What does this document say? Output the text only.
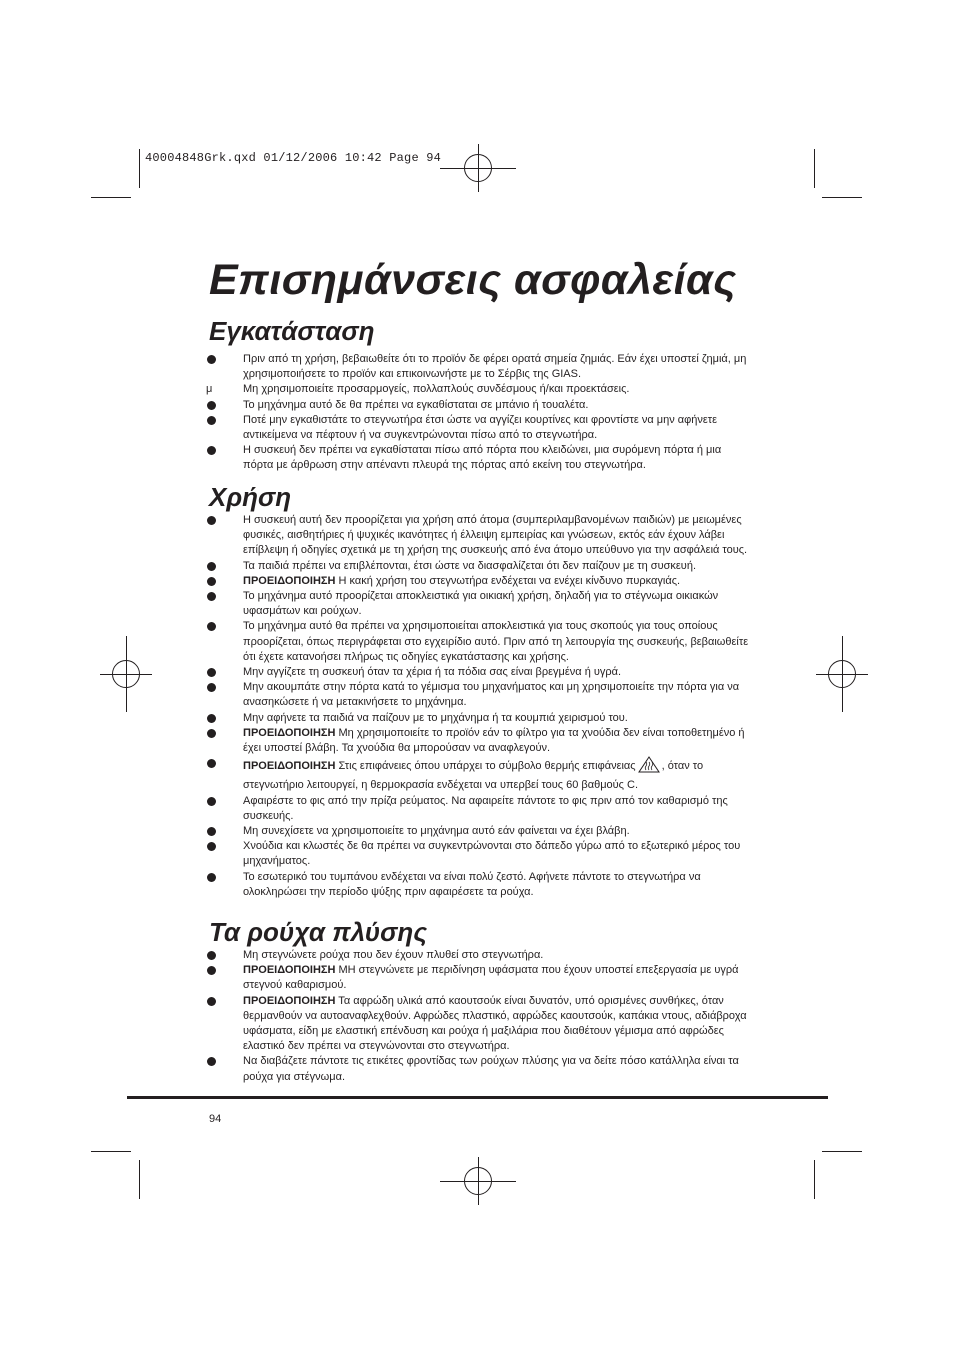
40004848Grk.qxd 01/12/2006 10:42 Page 94
Επισημάνσεις ασφαλείας
Εγκατάσταση
Πριν από τη χρήση, βεβαιωθείτε ότι το προϊόν δε φέρει ορατά σημεία ζημιάς. Εάν έχει υποστεί ζημιά, μη χρησιμοποιήσετε το προϊόν και επικοινωνήστε με το Σέρβις της GIAS.
μ	Μη χρησιμοποιείτε προσαρμογείς, πολλαπλούς συνδέσμους ή/και προεκτάσεις.
Το μηχάνημα αυτό δε θα πρέπει να εγκαθίσταται σε μπάνιο ή τουαλέτα.
Ποτέ μην εγκαθιστάτε το στεγνωτήρα έτσι ώστε να αγγίζει κουρτίνες και φροντίστε να μην αφήνετε αντικείμενα να πέφτουν ή να συγκεντρώνονται πίσω από το στεγνωτήρα.
Η συσκευή δεν πρέπει να εγκαθίσταται πίσω από πόρτα που κλειδώνει, μια συρόμενη πόρτα ή μια πόρτα με άρθρωση στην απέναντι πλευρά της πόρτας από εκείνη του στεγνωτήρα.
Χρήση
Η συσκευή αυτή δεν προορίζεται για χρήση από άτομα (συμπεριλαμβανομένων παιδιών) με μειωμένες φυσικές, αισθητήριες ή ψυχικές ικανότητες ή έλλειψη εμπειρίας και γνώσεων, εκτός εάν έχουν λάβει επίβλεψη ή οδηγίες σχετικά με τη χρήση της συσκευής από ένα άτομο υπεύθυνο για την ασφάλειά τους.
Τα παιδιά πρέπει να επιβλέπονται, έτσι ώστε να διασφαλίζεται ότι δεν παίζουν με τη συσκευή.
ΠΡΟΕΙΔΟΠΟΙΗΣΗ Η κακή χρήση του στεγνωτήρα ενδέχεται να ενέχει κίνδυνο πυρκαγιάς.
Το μηχάνημα αυτό προορίζεται αποκλειστικά για οικιακή χρήση, δηλαδή για το στέγνωμα οικιακών υφασμάτων και ρούχων.
Το μηχάνημα αυτό θα πρέπει να χρησιμοποιείται αποκλειστικά για τους σκοπούς για τους οποίους προορίζεται, όπως περιγράφεται στο εγχειρίδιο αυτό. Πριν από τη λειτουργία της συσκευής, βεβαιωθείτε ότι έχετε κατανοήσει πλήρως τις οδηγίες εγκατάστασης και χρήσης.
Μην αγγίζετε τη συσκευή όταν τα χέρια ή τα πόδια σας είναι βρεγμένα ή υγρά.
Μην ακουμπάτε στην πόρτα κατά το γέμισμα του μηχανήματος και μη χρησιμοποιείτε την πόρτα για να ανασηκώσετε ή να μετακινήσετε το μηχάνημα.
Μην αφήνετε τα παιδιά να παίζουν με το μηχάνημα ή τα κουμπιά χειρισμού του.
ΠΡΟΕΙΔΟΠΟΙΗΣΗ Μη χρησιμοποιείτε το προϊόν εάν το φίλτρο για τα χνούδια δεν είναι τοποθετημένο ή έχει υποστεί βλάβη. Τα χνούδια θα μπορούσαν να αναφλεγούν.
ΠΡΟΕΙΔΟΠΟΙΗΣΗ Στις επιφάνειες όπου υπάρχει το σύμβολο θερμής επιφάνειας , όταν το στεγνωτήριο λειτουργεί, η θερμοκρασία ενδέχεται να υπερβεί τους 60 βαθμούς C.
Αφαιρέστε το φις από την πρίζα ρεύματος. Να αφαιρείτε πάντοτε το φις πριν από τον καθαρισμό της συσκευής.
Μη συνεχίσετε να χρησιμοποιείτε το μηχάνημα αυτό εάν φαίνεται να έχει βλάβη.
Χνούδια και κλωστές δε θα πρέπει να συγκεντρώνονται στο δάπεδο γύρω από το εξωτερικό μέρος του μηχανήματος.
Το εσωτερικό του τυμπάνου ενδέχεται να είναι πολύ ζεστό. Αφήνετε πάντοτε το στεγνωτήρα να ολοκληρώσει την περίοδο ψύξης πριν αφαιρέσετε τα ρούχα.
Τα ρούχα πλύσης
Μη στεγνώνετε ρούχα που δεν έχουν πλυθεί στο στεγνωτήρα.
ΠΡΟΕΙΔΟΠΟΙΗΣΗ ΜΗ στεγνώνετε με περιδίνηση υφάσματα που έχουν υποστεί επεξεργασία με υγρά στεγνού καθαρισμού.
ΠΡΟΕΙΔΟΠΟΙΗΣΗ Τα αφρώδη υλικά από καουτσούκ είναι δυνατόν, υπό ορισμένες συνθήκες, όταν θερμανθούν να αυτοαναφλεχθούν. Αφρώδες πλαστικό, αφρώδες καουτσούκ, καπάκια ντους, αδιάβροχα υφάσματα, είδη με ελαστική επένδυση και ρούχα ή μαξιλάρια που διαθέτουν γέμισμα από αφρώδες ελαστικό δεν πρέπει να στεγνώνονται στο στεγνωτήρα.
Να διαβάζετε πάντοτε τις ετικέτες φροντίδας των ρούχων πλύσης για να δείτε πόσο κατάλληλα είναι τα ρούχα για στέγνωμα.
94
